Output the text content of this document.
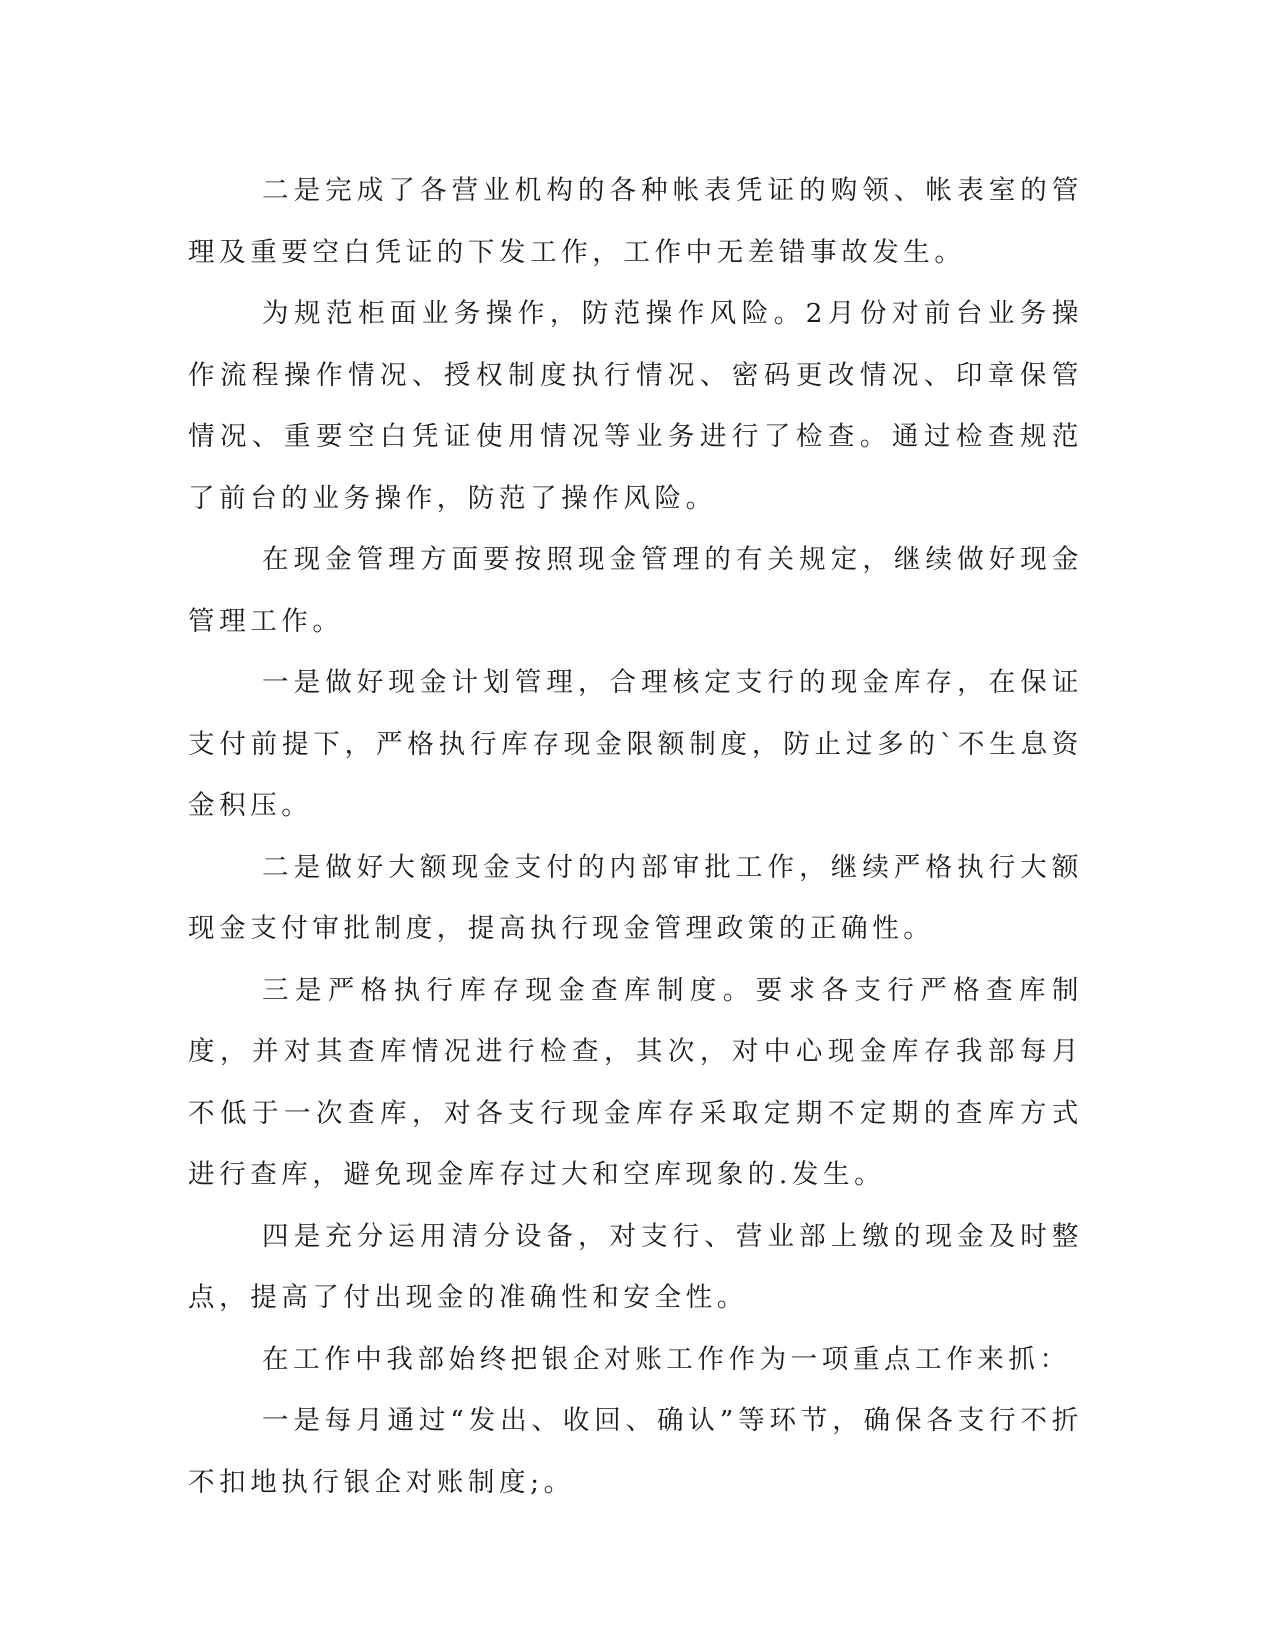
二是完成了各营业机构的各种帐表凭证的购领、帐表室的管理及重要空白凭证的下发工作，工作中无差错事故发生。

为规范柜面业务操作，防范操作风险。2月份对前台业务操作流程操作情况、授权制度执行情况、密码更改情况、印章保管情况、重要空白凭证使用情况等业务进行了检查。通过检查规范了前台的业务操作，防范了操作风险。

在现金管理方面要按照现金管理的有关规定，继续做好现金管理工作。

一是做好现金计划管理，合理核定支行的现金库存，在保证支付前提下，严格执行库存现金限额制度，防止过多的`不生息资金积压。

二是做好大额现金支付的内部审批工作，继续严格执行大额现金支付审批制度，提高执行现金管理政策的正确性。

三是严格执行库存现金查库制度。要求各支行严格查库制度，并对其查库情况进行检查，其次，对中心现金库存我部每月不低于一次查库，对各支行现金库存采取定期不定期的查库方式进行查库，避免现金库存过大和空库现象的.发生。

四是充分运用清分设备，对支行、营业部上缴的现金及时整点，提高了付出现金的准确性和安全性。

在工作中我部始终把银企对账工作作为一项重点工作来抓：

一是每月通过“发出、收回、确认”等环节，确保各支行不折不扣地执行银企对账制度;。
